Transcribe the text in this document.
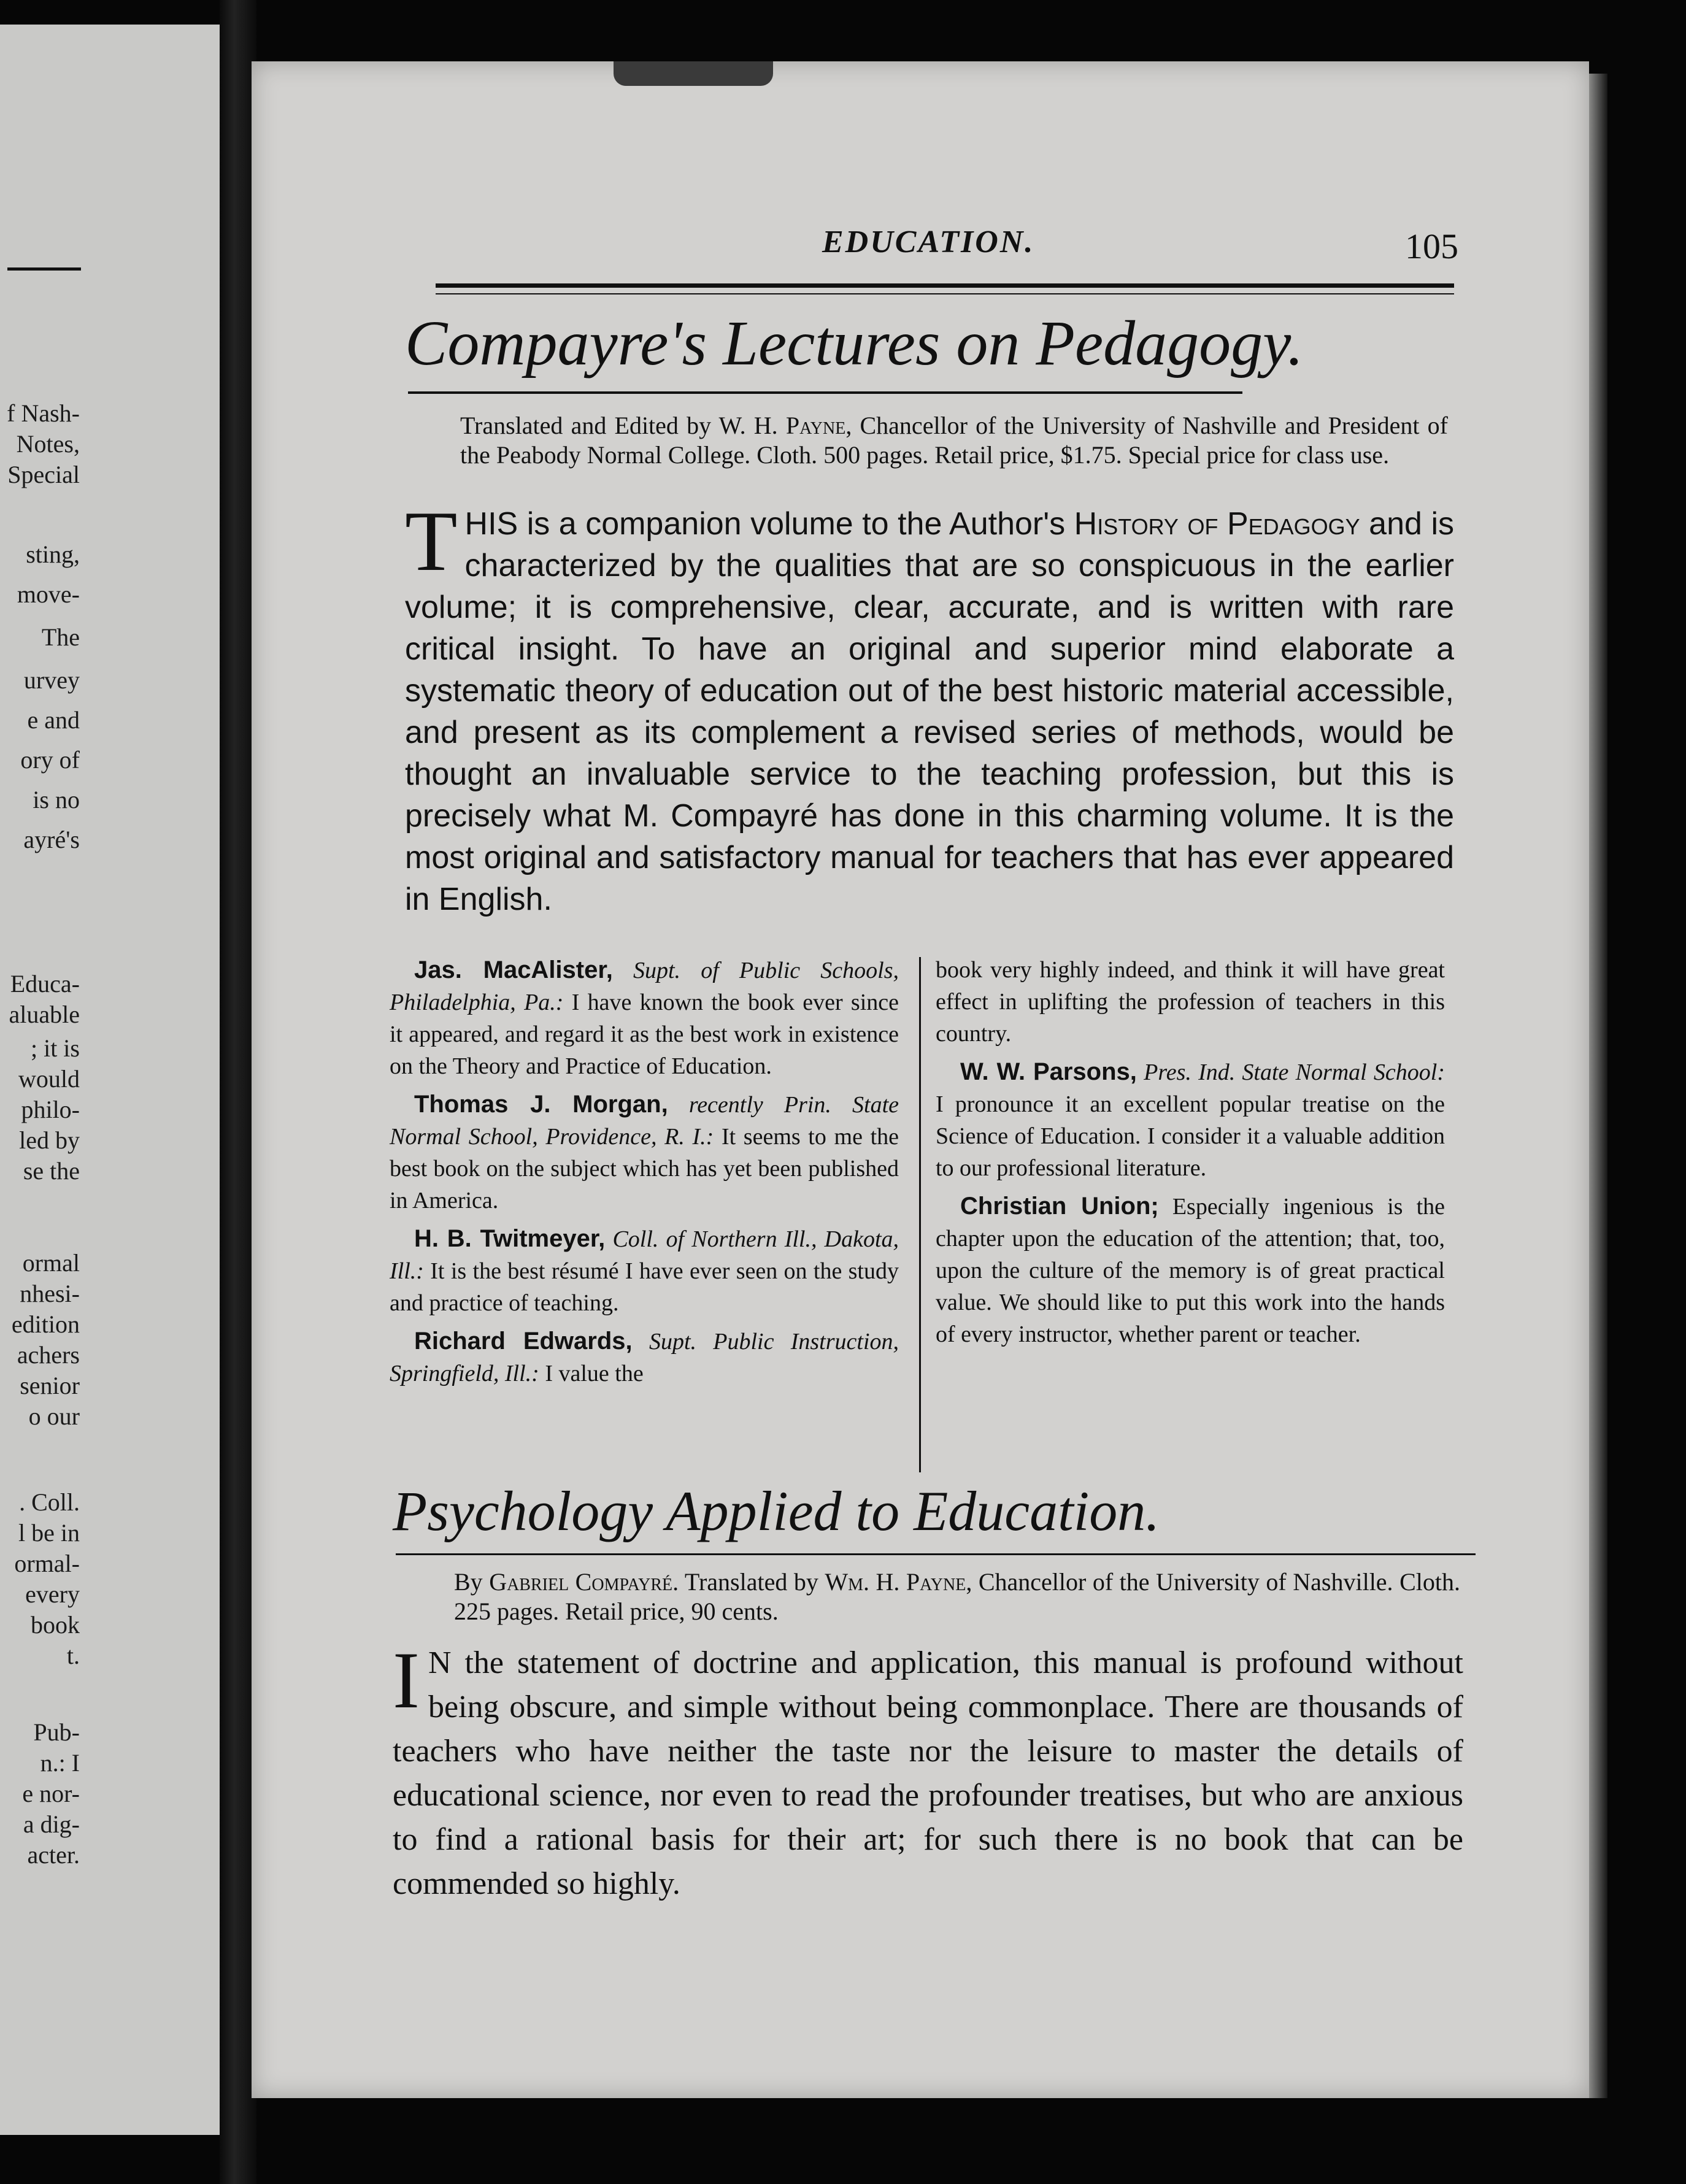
f Nash-
Notes,
Special
sting,
move-
The
urvey
e and
ory of
is no
ayré's
Educa-
aluable
; it is
would
philo-
led by
se the
ormal
nhesi-
edition
achers
senior
o our
. Coll.
l be in
ormal-
every
book
t.
Pub-
n.: I
e nor-
a dig-
acter.
EDUCATION.	105
Compayre's Lectures on Pedagogy.
Translated and Edited by W. H. Payne, Chancellor of the University of Nashville and President of the Peabody Normal College. Cloth. 500 pages. Retail price, $1.75. Special price for class use.
THIS is a companion volume to the Author's History of Pedagogy and is characterized by the qualities that are so conspicuous in the earlier volume; it is comprehensive, clear, accurate, and is written with rare critical insight. To have an original and superior mind elaborate a systematic theory of education out of the best historic material accessible, and present as its complement a revised series of methods, would be thought an invaluable service to the teaching profession, but this is precisely what M. Compayré has done in this charming volume. It is the most original and satisfactory manual for teachers that has ever appeared in English.

Jas. MacAlister, Supt. of Public Schools, Philadelphia, Pa.: I have known the book ever since it appeared, and regard it as the best work in existence on the Theory and Practice of Education.

Thomas J. Morgan, recently Prin. State Normal School, Providence, R. I.: It seems to me the best book on the subject which has yet been published in America.

H. B. Twitmeyer, Coll. of Northern Ill., Dakota, Ill.: It is the best résumé I have ever seen on the study and practice of teaching.

Richard Edwards, Supt. Public Instruction, Springfield, Ill.: I value the

book very highly indeed, and think it will have great effect in uplifting the profession of teachers in this country.

W. W. Parsons, Pres. Ind. State Normal School: I pronounce it an excellent popular treatise on the Science of Education. I consider it a valuable addition to our professional literature.

Christian Union; Especially ingenious is the chapter upon the education of the attention; that, too, upon the culture of the memory is of great practical value. We should like to put this work into the hands of every instructor, whether parent or teacher.

Psychology Applied to Education.
By Gabriel Compayré. Translated by Wm. H. Payne, Chancellor of the University of Nashville. Cloth. 225 pages. Retail price, 90 cents.
I N the statement of doctrine and application, this manual is profound without being obscure, and simple without being commonplace. There are thousands of teachers who have neither the taste nor the leisure to master the details of educational science, nor even to read the profounder treatises, but who are anxious to find a rational basis for their art; for such there is no book that can be commended so highly.
